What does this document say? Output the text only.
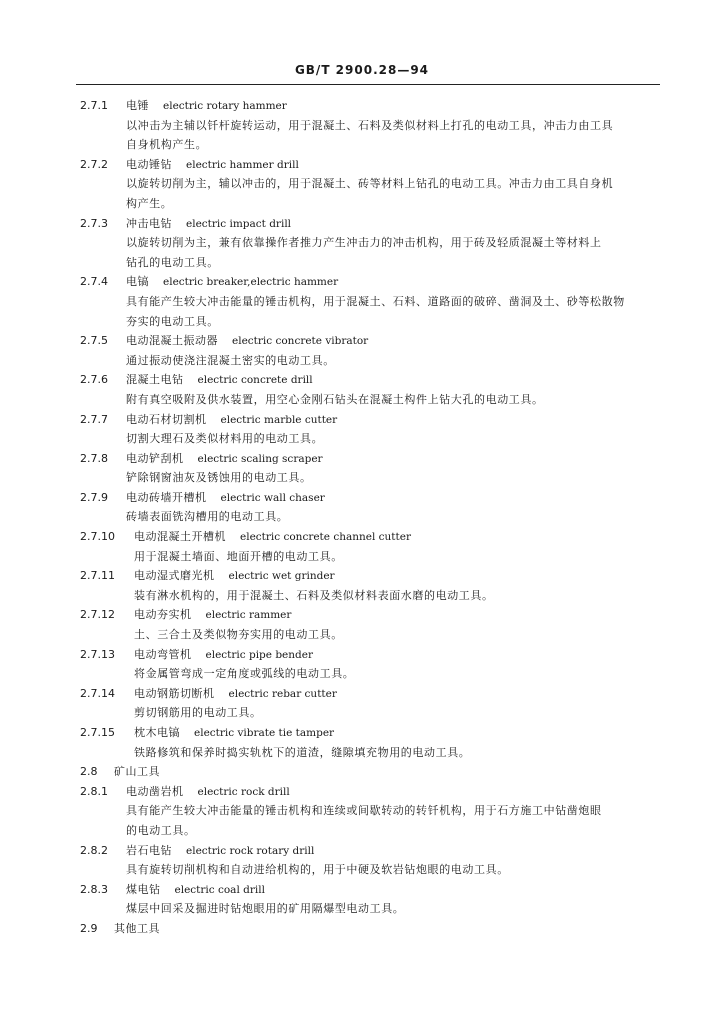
GB/T 2900.28—94
2.7.1 电锤 electric rotary hammer
以冲击为主辅以钎杆旋转运动，用于混凝土、石料及类似材料上打孔的电动工具，冲击力由工具
自身机构产生。
2.7.2 电动锤钻 electric hammer drill
以旋转切削为主，辅以冲击的，用于混凝土、砖等材料上钻孔的电动工具。冲击力由工具自身机
构产生。
2.7.3 冲击电钻 electric impact drill
以旋转切削为主，兼有依靠操作者推力产生冲击力的冲击机构，用于砖及轻质混凝土等材料上
钻孔的电动工具。
2.7.4 电镐 electric breaker,electric hammer
具有能产生较大冲击能量的锤击机构，用于混凝土、石料、道路面的破碎、凿洞及土、砂等松散物
夯实的电动工具。
2.7.5 电动混凝土振动器 electric concrete vibrator
通过振动使浇注混凝土密实的电动工具。
2.7.6 混凝土电钻 electric concrete drill
附有真空吸附及供水装置，用空心金刚石钻头在混凝土构件上钻大孔的电动工具。
2.7.7 电动石材切割机 electric marble cutter
切割大理石及类似材料用的电动工具。
2.7.8 电动铲刮机 electric scaling scraper
铲除钢窗油灰及锈蚀用的电动工具。
2.7.9 电动砖墙开槽机 electric wall chaser
砖墙表面铣沟槽用的电动工具。
2.7.10 电动混凝土开槽机 electric concrete channel cutter
用于混凝土墙面、地面开槽的电动工具。
2.7.11 电动湿式磨光机 electric wet grinder
装有淋水机构的，用于混凝土、石料及类似材料表面水磨的电动工具。
2.7.12 电动夯实机 electric rammer
土、三合土及类似物夯实用的电动工具。
2.7.13 电动弯管机 electric pipe bender
将金属管弯成一定角度或弧线的电动工具。
2.7.14 电动钢筋切断机 electric rebar cutter
剪切钢筋用的电动工具。
2.7.15 枕木电镐 electric vibrate tie tamper
铁路修筑和保养时捣实轨枕下的道渣，缝隙填充物用的电动工具。
2.8 矿山工具
2.8.1 电动凿岩机 electric rock drill
具有能产生较大冲击能量的锤击机构和连续或间歇转动的转钎机构，用于石方施工中钻凿炮眼
的电动工具。
2.8.2 岩石电钻 electric rock rotary drill
具有旋转切削机构和自动进给机构的，用于中硬及软岩钻炮眼的电动工具。
2.8.3 煤电钻 electric coal drill
煤层中回采及掘进时钻炮眼用的矿用隔爆型电动工具。
2.9 其他工具
